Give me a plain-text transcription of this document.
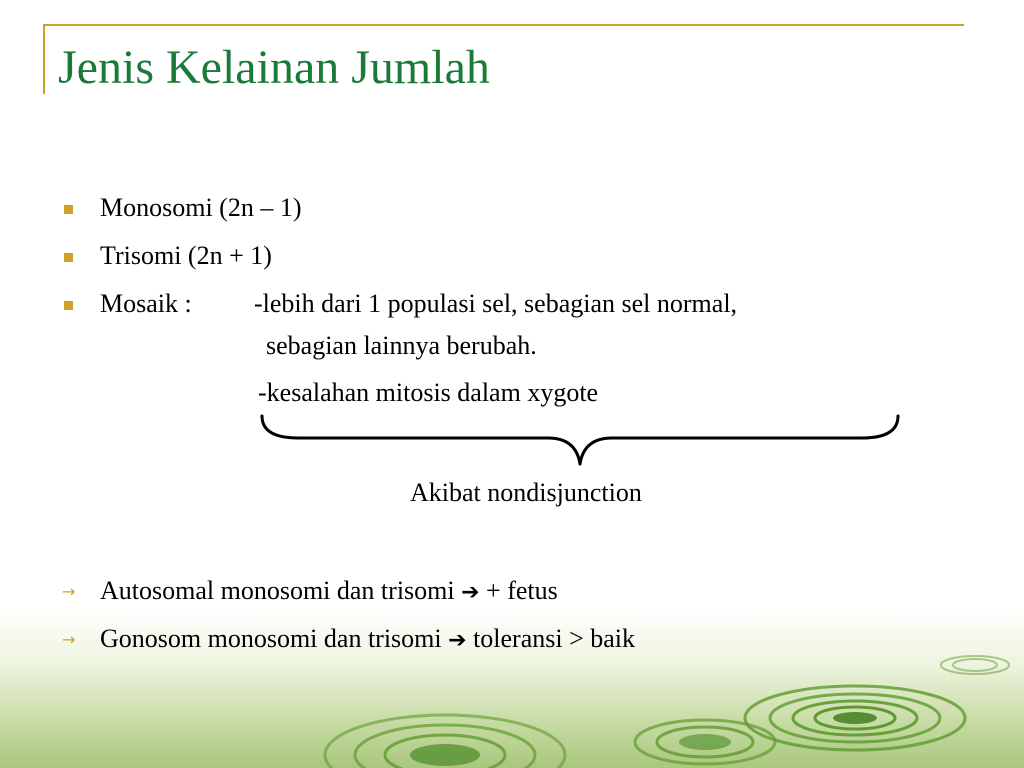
Jenis Kelainan Jumlah
Monosomi (2n – 1)
Trisomi (2n + 1)
Mosaik : -lebih dari 1 populasi sel, sebagian sel normal,
sebagian lainnya berubah.
-kesalahan mitosis dalam xygote
Akibat nondisjunction
→ Autosomal monosomi dan trisomi ➔ + fetus
→ Gonosom monosomi dan trisomi ➔ toleransi > baik
